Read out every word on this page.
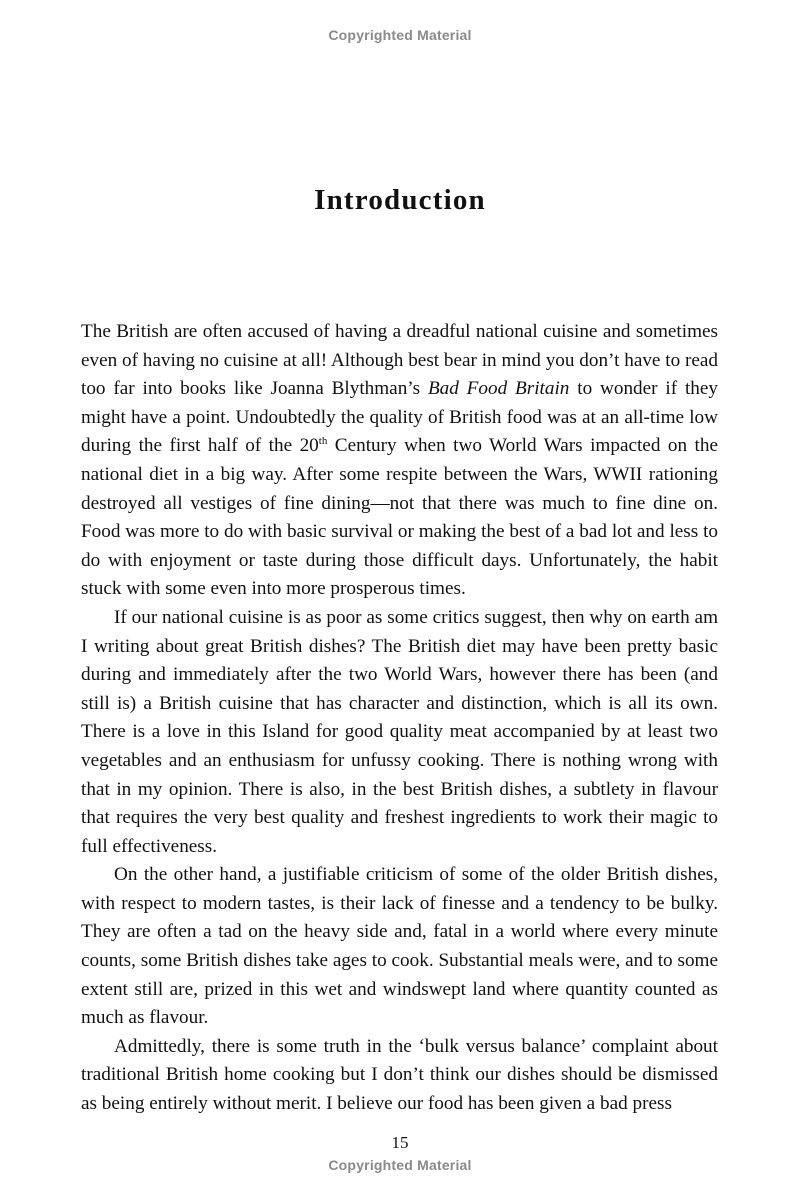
Copyrighted Material
Introduction

The British are often accused of having a dreadful national cuisine and sometimes even of having no cuisine at all! Although best bear in mind you don’t have to read too far into books like Joanna Blythman’s Bad Food Britain to wonder if they might have a point. Undoubtedly the quality of British food was at an all-time low during the first half of the 20th Century when two World Wars impacted on the national diet in a big way. After some respite between the Wars, WWII rationing destroyed all vestiges of fine dining—not that there was much to fine dine on. Food was more to do with basic survival or making the best of a bad lot and less to do with enjoyment or taste during those difficult days. Unfortunately, the habit stuck with some even into more prosperous times.

If our national cuisine is as poor as some critics suggest, then why on earth am I writing about great British dishes? The British diet may have been pretty basic during and immediately after the two World Wars, however there has been (and still is) a British cuisine that has character and distinction, which is all its own. There is a love in this Island for good quality meat accompanied by at least two vegetables and an enthusiasm for unfussy cooking. There is nothing wrong with that in my opinion. There is also, in the best British dishes, a subtlety in flavour that requires the very best quality and freshest ingredients to work their magic to full effectiveness.

On the other hand, a justifiable criticism of some of the older British dishes, with respect to modern tastes, is their lack of finesse and a tendency to be bulky. They are often a tad on the heavy side and, fatal in a world where every minute counts, some British dishes take ages to cook. Substantial meals were, and to some extent still are, prized in this wet and windswept land where quantity counted as much as flavour.

Admittedly, there is some truth in the ‘bulk versus balance’ complaint about traditional British home cooking but I don’t think our dishes should be dismissed as being entirely without merit. I believe our food has been given a bad press

15
Copyrighted Material
